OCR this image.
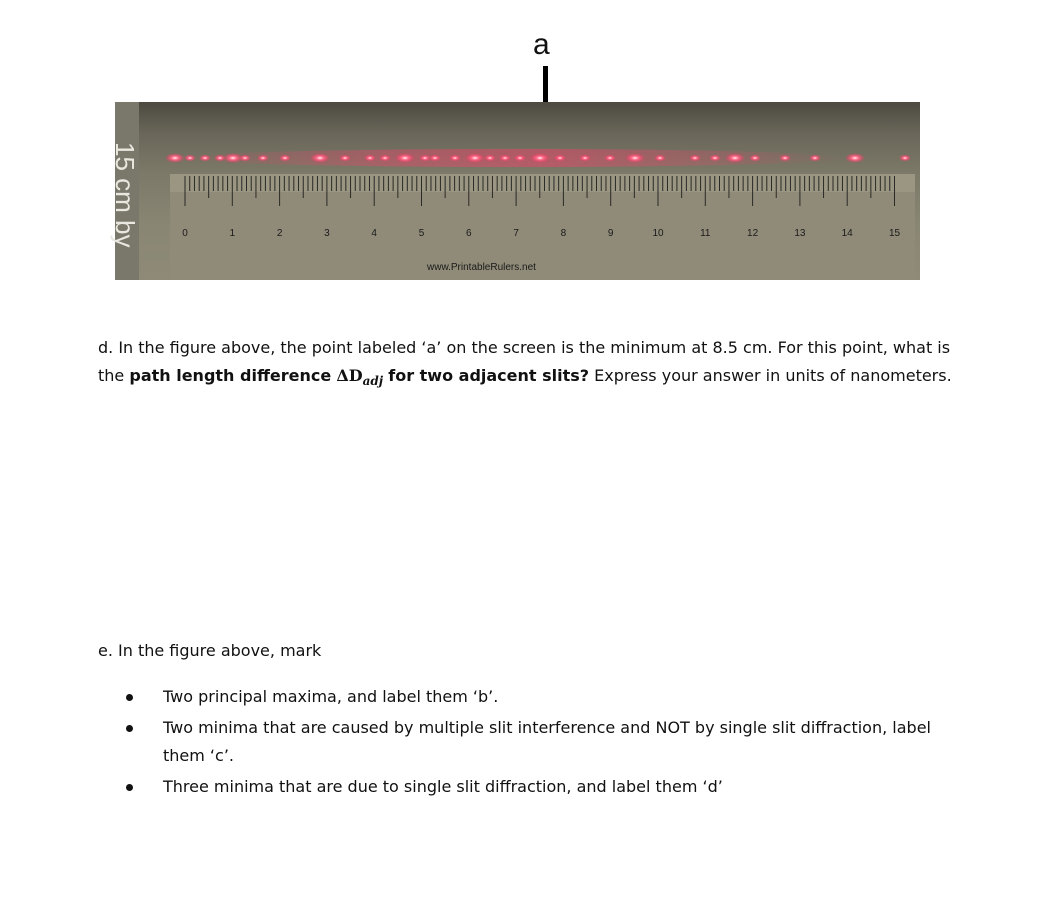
a
15 cm by
www.PrintableRulers.net
0	1	2	3	4	5	6	7	8	9	10	11	12	13	14	15
d. In the figure above, the point labeled ‘a’ on the screen is the minimum at 8.5 cm. For this point, what is the path length difference $\Delta D_{adj}$ for two adjacent slits? Express your answer in units of nanometers.
e. In the figure above, mark
Two principal maxima, and label them ‘b’.
Two minima that are caused by multiple slit interference and NOT by single slit diffraction, label them ‘c’.
Three minima that are due to single slit diffraction, and label them ‘d’
